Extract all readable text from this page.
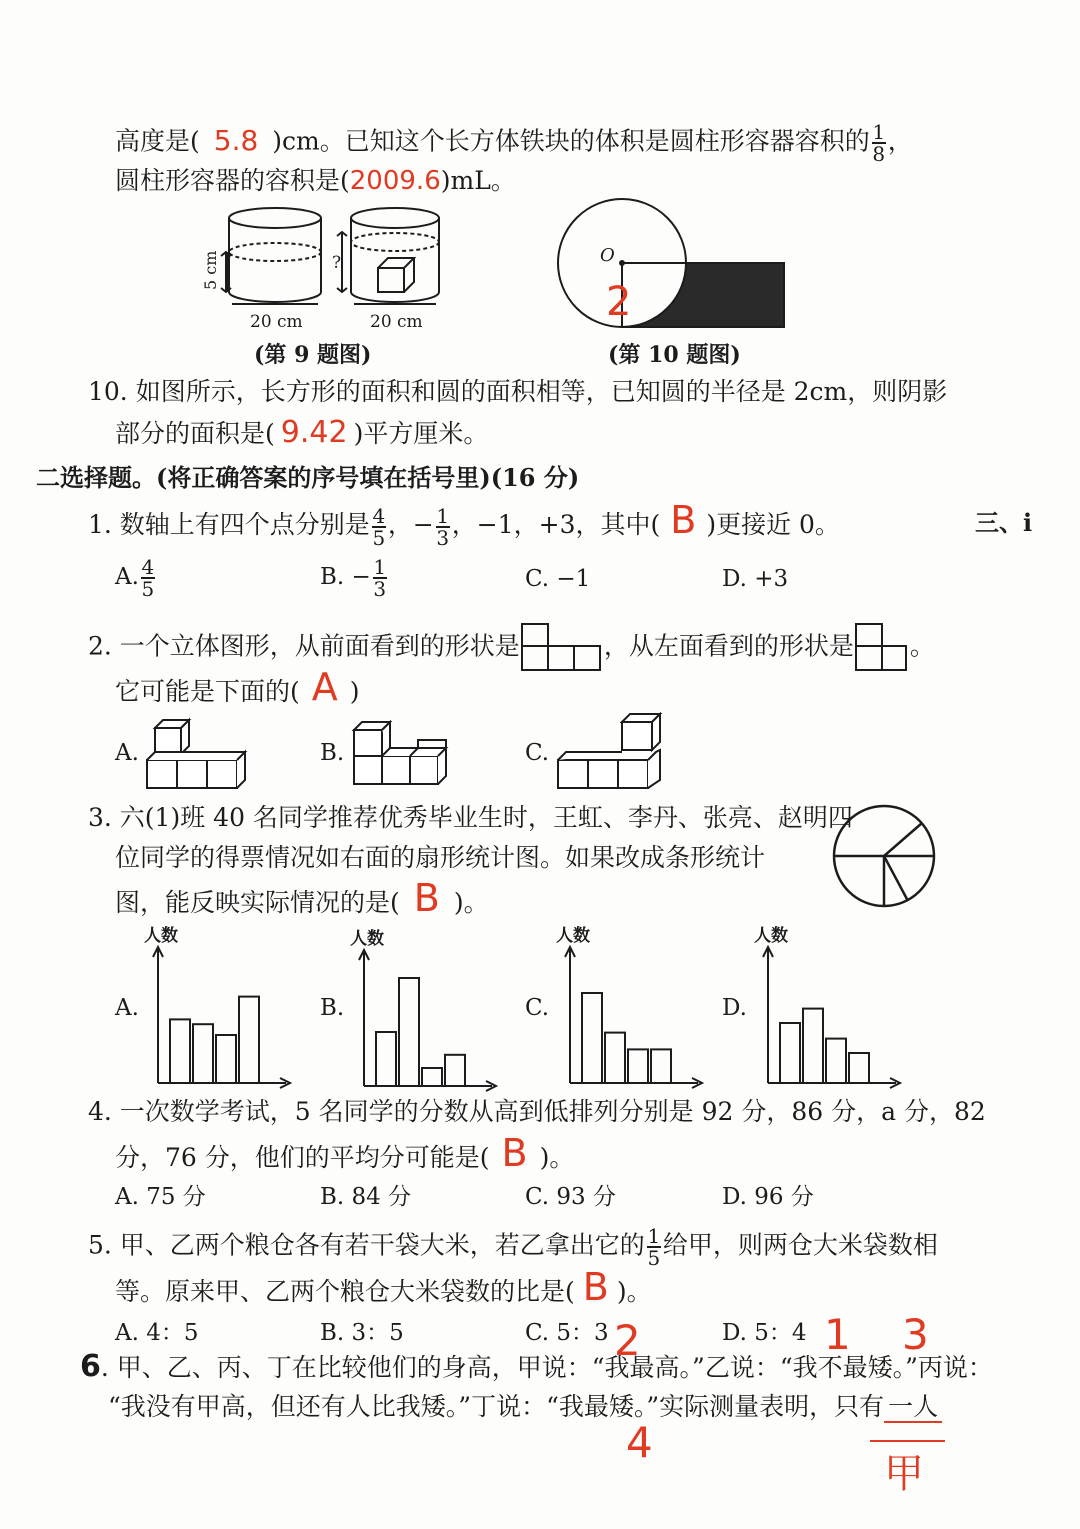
高度是( 5.8 )cm。已知这个长方体铁块的体积是圆柱形容器容积的 $\frac{1}{8}$ ，
圆柱形容器的容积是(2009.6)mL。
5 cm	?
20 cm	20 cm
(第 9 题图)
O
2
(第 10 题图)
10. 如图所示，长方形的面积和圆的面积相等，已知圆的半径是 2cm，则阴影
部分的面积是( 9.42 )平方厘米。
二选择题。(将正确答案的序号填在括号里)(16 分)
三、i
1. 数轴上有四个点分别是 $\frac{4}{5}$ ，− $\frac{1}{3}$ ，−1，+3，其中( B )更接近 0。
A. $\frac{4}{5}$	B. − $\frac{1}{3}$	C. −1	D. +3
2. 一个立体图形，从前面看到的形状是	，从左面看到的形状是 。
它可能是下面的( A )
A.	B.	C.
3. 六(1)班 40 名同学推荐优秀毕业生时，王虹、李丹、张亮、赵明四
位同学的得票情况如右面的扇形统计图。如果改成条形统计
图，能反映实际情况的是( B )。
A.	B.	C.	D.
人数	人数	人数	人数
4. 一次数学考试，5 名同学的分数从高到低排列分别是 92 分，86 分，a 分，82
分，76 分，他们的平均分可能是( B )。
A. 75 分	B. 84 分	C. 93 分	D. 96 分
5. 甲、乙两个粮仓各有若干袋大米，若乙拿出它的 $\frac{1}{5}$ 给甲，则两仓大米袋数相
等。原来甲、乙两个粮仓大米袋数的比是( B )。
A. 4：5	B. 3：5	C. 5：3	D. 5：4
6. 甲、乙、丙、丁在比较他们的身高，甲说：“我最高。”乙说：“我不最矮。”丙说：
“我没有甲高，但还有人比我矮。”丁说：“我最矮。”实际测量表明，只有 一人
2	1 3
4
甲
